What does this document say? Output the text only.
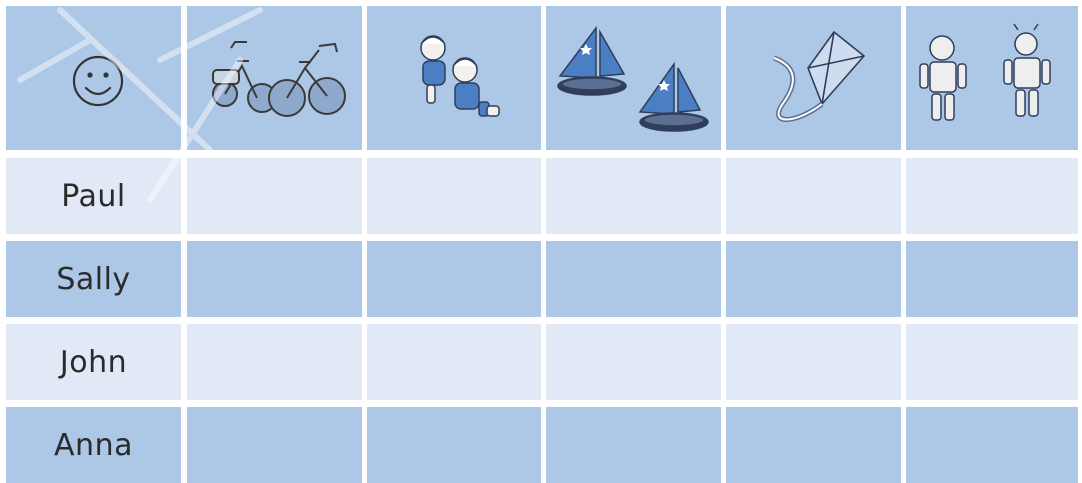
Paul
Sally
John
Anna
